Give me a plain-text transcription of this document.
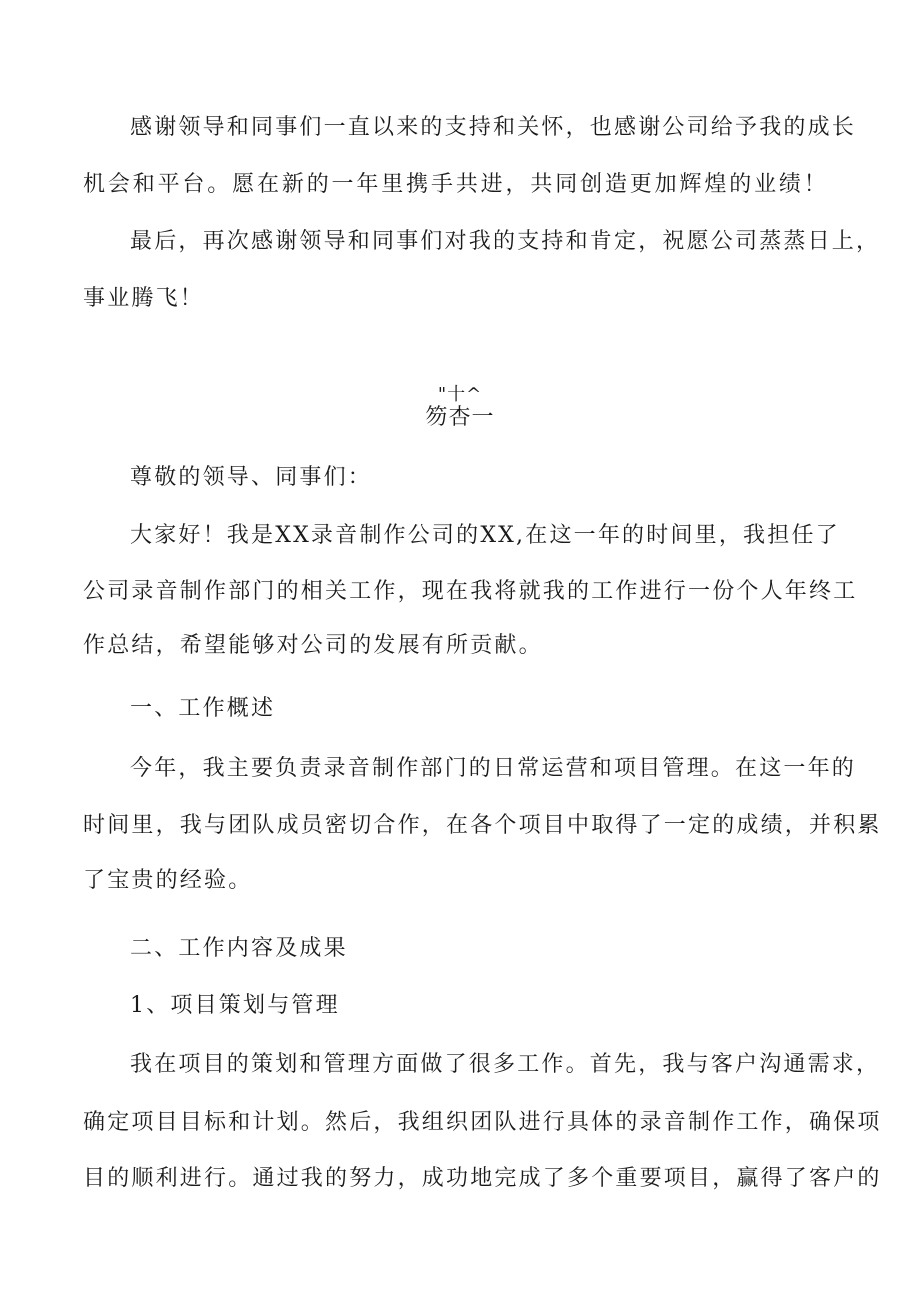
感谢领导和同事们一直以来的支持和关怀，也感谢公司给予我的成长
机会和平台。愿在新的一年里携手共进，共同创造更加辉煌的业绩！
最后，再次感谢领导和同事们对我的支持和肯定，祝愿公司蒸蒸日上，
事业腾飞！
"十^
笏杏一
尊敬的领导、同事们：
大家好！我是XX录音制作公司的XX,在这一年的时间里，我担任了
公司录音制作部门的相关工作，现在我将就我的工作进行一份个人年终工
作总结，希望能够对公司的发展有所贡献。
一、工作概述
今年，我主要负责录音制作部门的日常运营和项目管理。在这一年的
时间里，我与团队成员密切合作，在各个项目中取得了一定的成绩，并积累
了宝贵的经验。
二、工作内容及成果
1、项目策划与管理
我在项目的策划和管理方面做了很多工作。首先，我与客户沟通需求，
确定项目目标和计划。然后，我组织团队进行具体的录音制作工作，确保项
目的顺利进行。通过我的努力，成功地完成了多个重要项目，赢得了客户的
